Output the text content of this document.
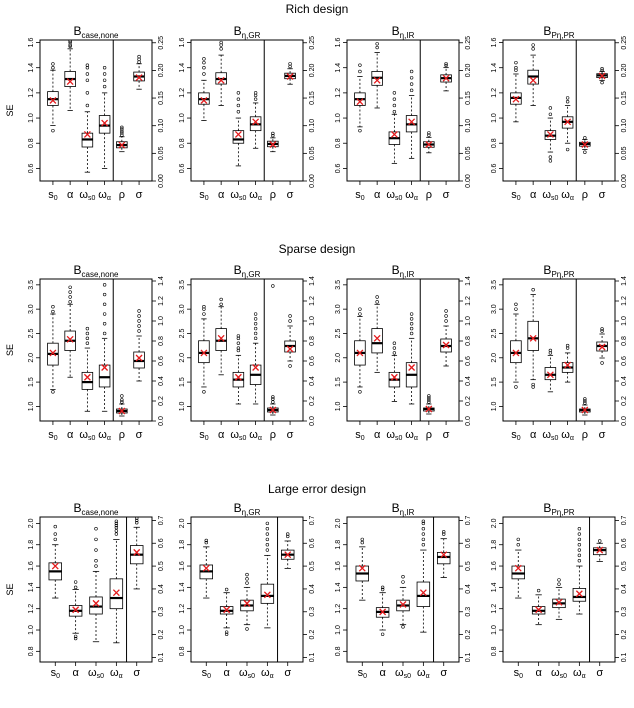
Rich design
SE
0.6
0.8
1.0
1.2
1.4
1.6
0.00
0.05
0.10
0.15
0.20
0.25
s0 α ωs0 ωα ρ σ
$B_{case,none}$
0.6
0.8
1.0
1.2
1.4
1.6
0.00
0.05
0.10
0.15
0.20
0.25
s0 α ωs0 ωα ρ σ
$B_{\eta,GR}$
0.6
0.8
1.0
1.2
1.4
1.6
0.00
0.05
0.10
0.15
0.20
0.25
s0 α ωs0 ωα ρ σ
$B_{\eta,IR}$
0.6
0.8
1.0
1.2
1.4
1.6
0.00
0.05
0.10
0.15
0.20
0.25
s0 α ωs0 ωα ρ σ
$B_{P\eta,PR}$
Sparse design
SE
1.0
1.5
2.0
2.5
3.0
3.5
0.0
0.2
0.4
0.6
0.8
1.0
1.2
1.4
s0 α ωs0 ωα ρ σ
$B_{case,none}$
1.0
1.5
2.0
2.5
3.0
3.5
0.0
0.2
0.4
0.6
0.8
1.0
1.2
1.4
s0 α ωs0 ωα ρ σ
$B_{\eta,GR}$
1.0
1.5
2.0
2.5
3.0
3.5
0.0
0.2
0.4
0.6
0.8
1.0
1.2
1.4
s0 α ωs0 ωα ρ σ
$B_{\eta,IR}$
1.0
1.5
2.0
2.5
3.0
3.5
0.0
0.2
0.4
0.6
0.8
1.0
1.2
1.4
s0 α ωs0 ωα ρ σ
$B_{P\eta,PR}$
Large error design
SE
0.8
1.0
1.2
1.4
1.6
1.8
2.0
0.1
0.2
0.3
0.4
0.5
0.6
0.7
s0 α ωs0 ωα σ
$B_{case,none}$
0.8
1.0
1.2
1.4
1.6
1.8
2.0
0.1
0.2
0.3
0.4
0.5
0.6
0.7
s0 α ωs0 ωα σ
$B_{\eta,GR}$
0.8
1.0
1.2
1.4
1.6
1.8
2.0
0.1
0.2
0.3
0.4
0.5
0.6
0.7
s0 α ωs0 ωα σ
$B_{\eta,IR}$
0.8
1.0
1.2
1.4
1.6
1.8
2.0
0.1
0.2
0.3
0.4
0.5
0.6
0.7
s0 α ωs0 ωα σ
$B_{P\eta,PR}$
